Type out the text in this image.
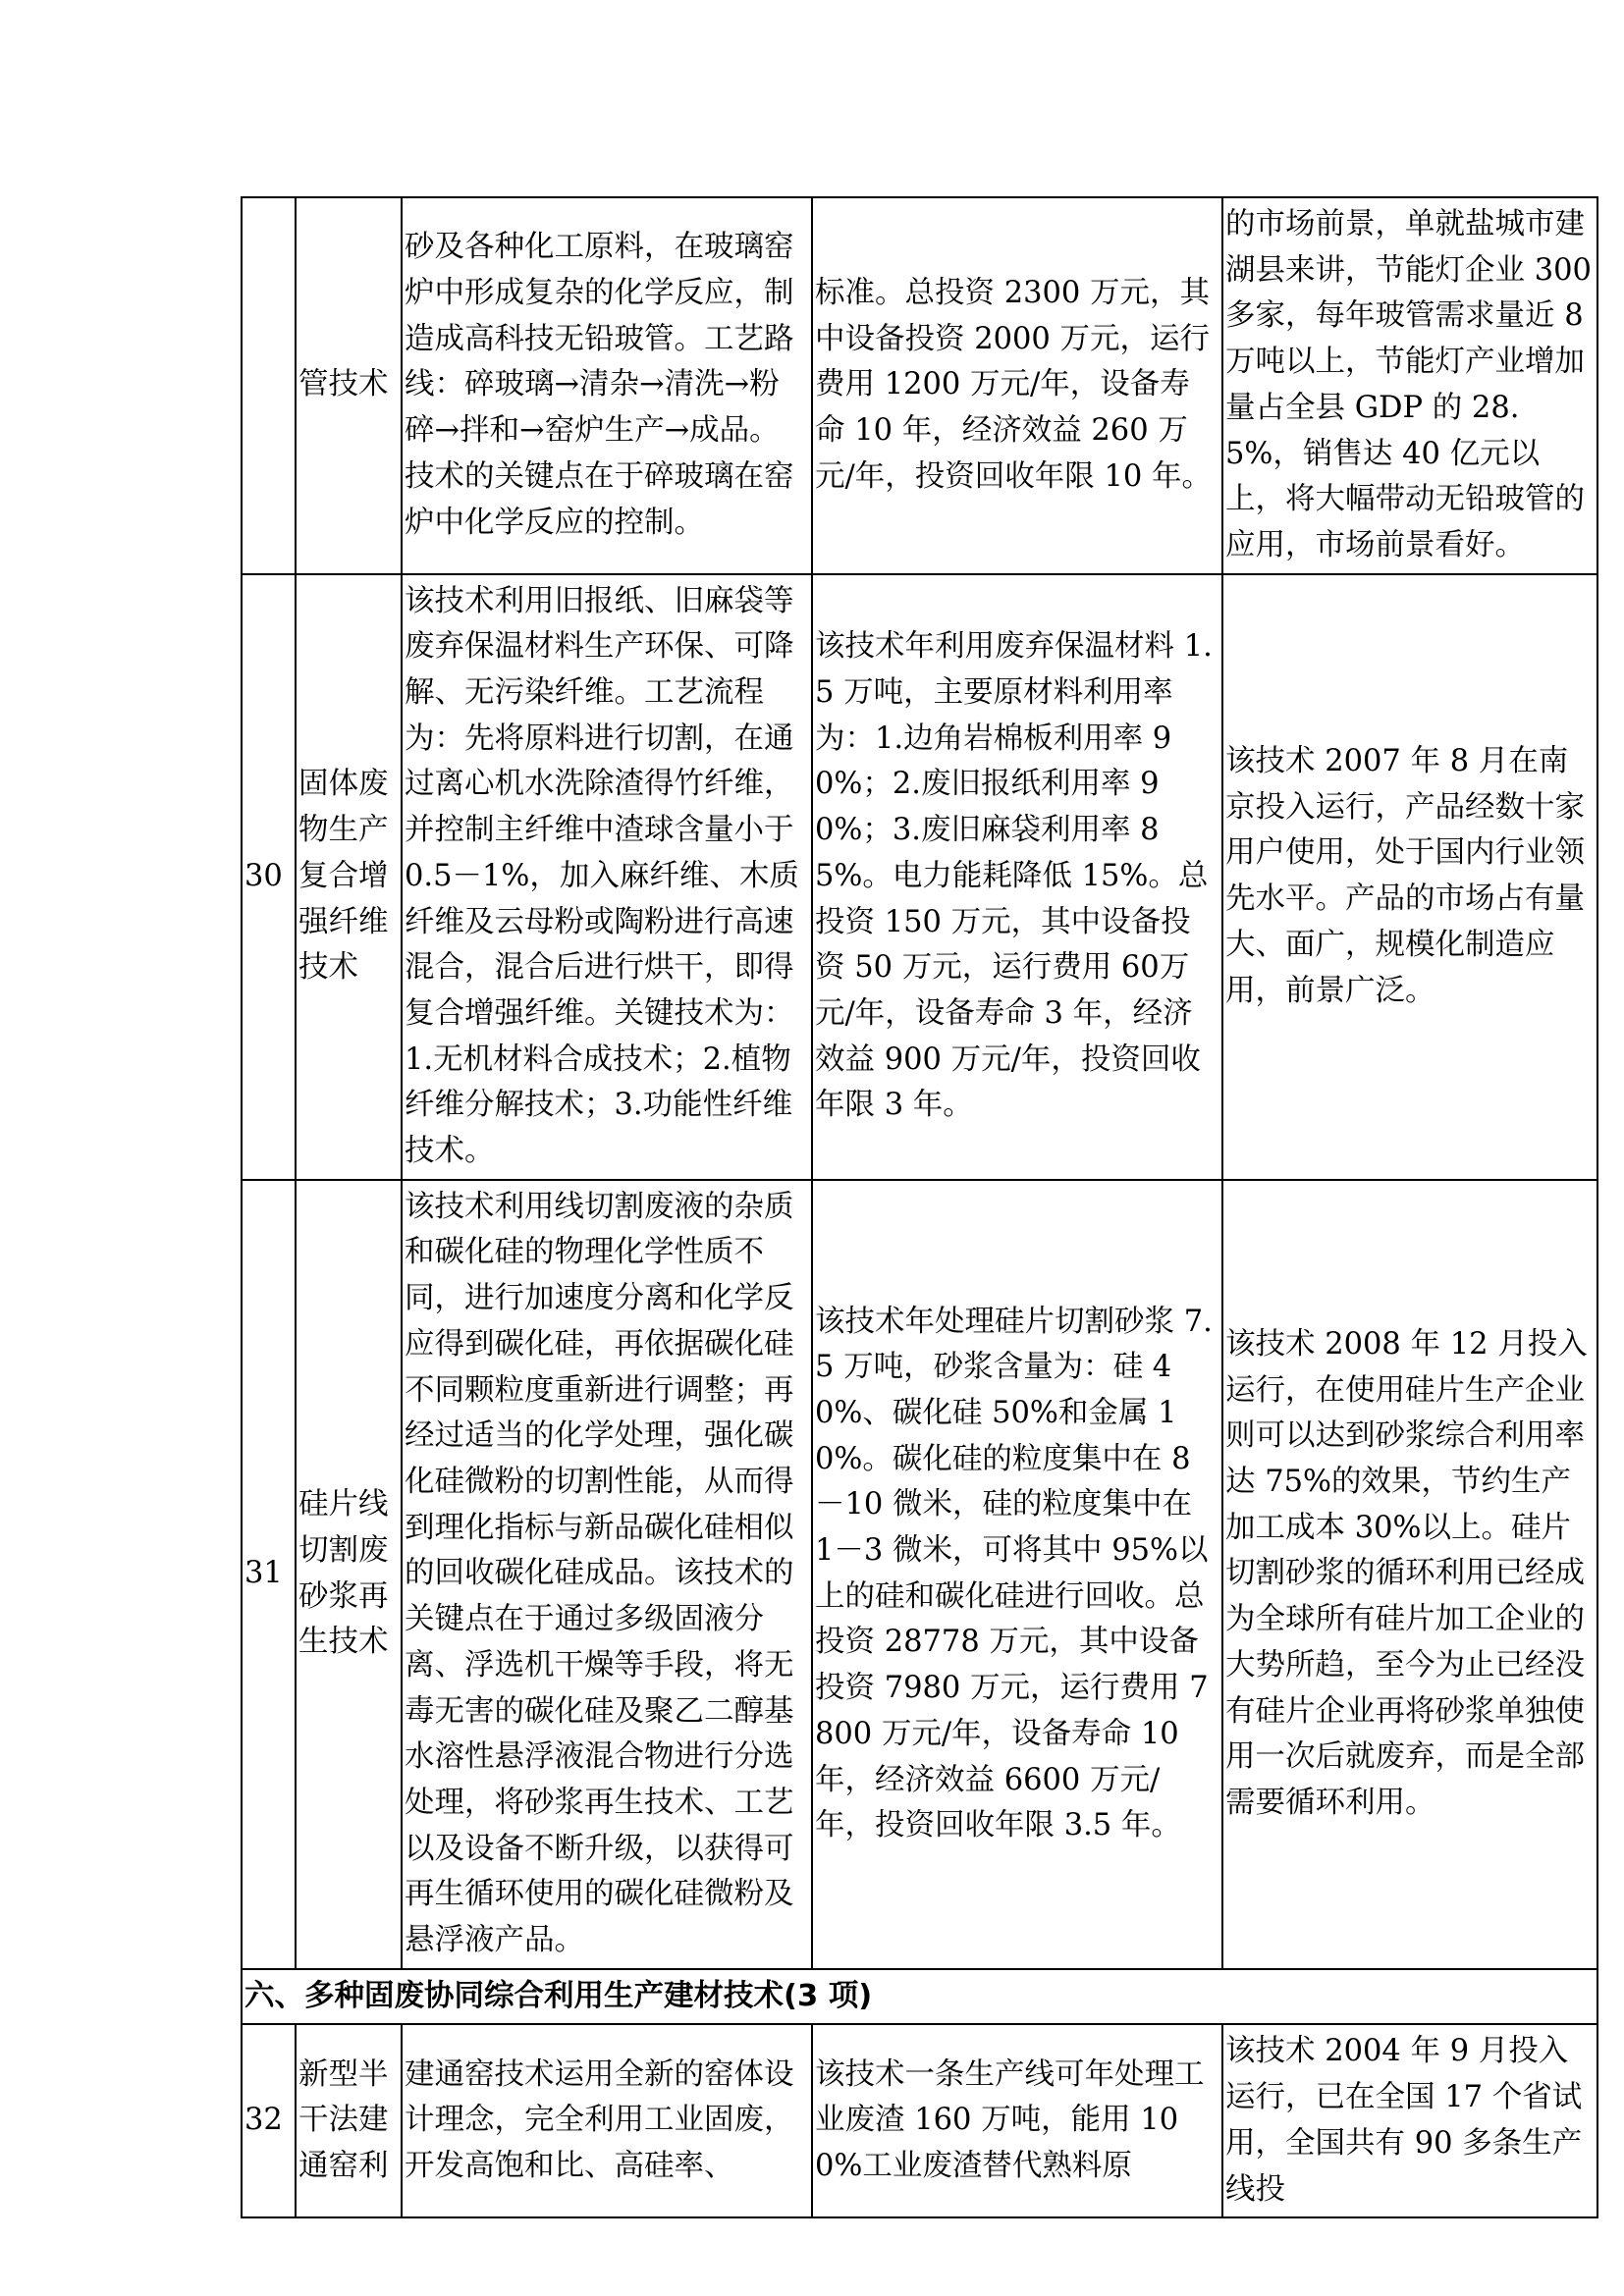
	管技术	砂及各种化工原料，在玻璃窑炉中形成复杂的化学反应，制造成高科技无铅玻管。工艺路线：碎玻璃→清杂→清洗→粉碎→拌和→窑炉生产→成品。技术的关键点在于碎玻璃在窑炉中化学反应的控制。	标准。总投资 2300 万元，其中设备投资 2000 万元，运行费用 1200 万元/年，设备寿命 10 年，经济效益 260 万元/年，投资回收年限 10 年。	的市场前景，单就盐城市建湖县来讲，节能灯企业 300多家，每年玻管需求量近 8万吨以上，节能灯产业增加量占全县 GDP 的 28.5%，销售达 40 亿元以上，将大幅带动无铅玻管的应用，市场前景看好。
30	固体废物生产复合增强纤维技术	该技术利用旧报纸、旧麻袋等废弃保温材料生产环保、可降解、无污染纤维。工艺流程为：先将原料进行切割，在通过离心机水洗除渣得竹纤维，并控制主纤维中渣球含量小于 0.5－1%，加入麻纤维、木质纤维及云母粉或陶粉进行高速混合，混合后进行烘干，即得复合增强纤维。关键技术为：1.无机材料合成技术；2.植物纤维分解技术；3.功能性纤维技术。	该技术年利用废弃保温材料 1.5 万吨，主要原材料利用率为：1.边角岩棉板利用率 90%；2.废旧报纸利用率 90%；3.废旧麻袋利用率 85%。电力能耗降低 15%。总投资 150 万元，其中设备投资 50 万元，运行费用 60万元/年，设备寿命 3 年，经济效益 900 万元/年，投资回收年限 3 年。	该技术 2007 年 8 月在南京投入运行，产品经数十家用户使用，处于国内行业领先水平。产品的市场占有量大、面广，规模化制造应用，前景广泛。
31	硅片线切割废砂浆再生技术	该技术利用线切割废液的杂质和碳化硅的物理化学性质不同，进行加速度分离和化学反应得到碳化硅，再依据碳化硅不同颗粒度重新进行调整；再经过适当的化学处理，强化碳化硅微粉的切割性能，从而得到理化指标与新品碳化硅相似的回收碳化硅成品。该技术的关键点在于通过多级固液分离、浮选机干燥等手段，将无毒无害的碳化硅及聚乙二醇基水溶性悬浮液混合物进行分选处理，将砂浆再生技术、工艺以及设备不断升级，以获得可再生循环使用的碳化硅微粉及悬浮液产品。	该技术年处理硅片切割砂浆 7.5 万吨，砂浆含量为：硅 40%、碳化硅 50%和金属 10%。碳化硅的粒度集中在 8－10 微米，硅的粒度集中在 1－3 微米，可将其中 95%以上的硅和碳化硅进行回收。总投资 28778 万元，其中设备投资 7980 万元，运行费用 7800 万元/年，设备寿命 10年，经济效益 6600 万元/年，投资回收年限 3.5 年。	该技术 2008 年 12 月投入运行，在使用硅片生产企业则可以达到砂浆综合利用率达 75%的效果，节约生产加工成本 30%以上。硅片切割砂浆的循环利用已经成为全球所有硅片加工企业的大势所趋，至今为止已经没有硅片企业再将砂浆单独使用一次后就废弃，而是全部需要循环利用。
六、多种固废协同综合利用生产建材技术(3 项)				
32	新型半干法建通窑利	建通窑技术运用全新的窑体设计理念，完全利用工业固废，开发高饱和比、高硅率、	该技术一条生产线可年处理工业废渣 160 万吨，能用 100%工业废渣替代熟料原	该技术 2004 年 9 月投入运行，已在全国 17 个省试用，全国共有 90 多条生产线投
